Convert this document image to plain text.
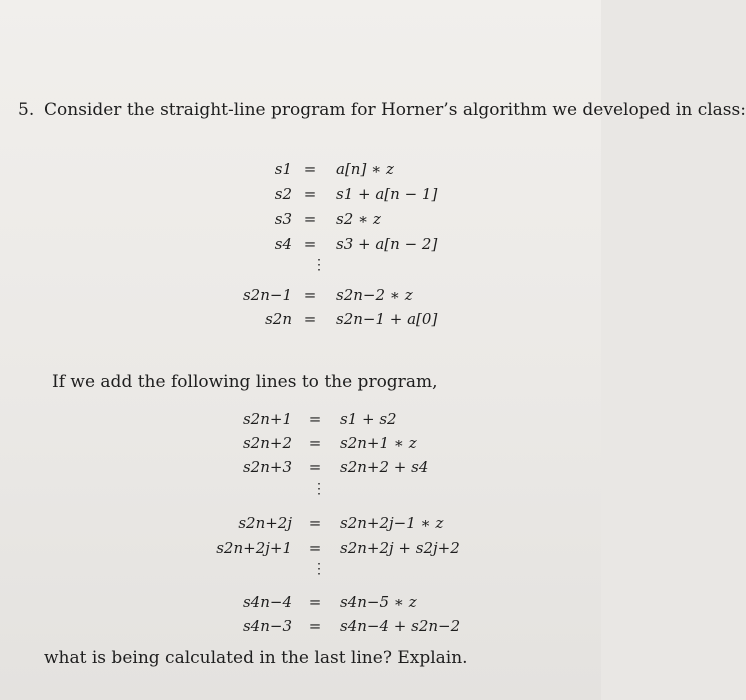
5. Consider the straight-line program for Horner’s algorithm we developed in class:
s1 = a[n] ∗ z
s2 = s1 + a[n − 1]
s3 = s2 ∗ z
s4 = s3 + a[n − 2]
⋮
s2n−1 = s2n−2 ∗ z
s2n = s2n−1 + a[0]
If we add the following lines to the program,
s2n+1 = s1 + s2
s2n+2 = s2n+1 ∗ z
s2n+3 = s2n+2 + s4
⋮
s2n+2j = s2n+2j−1 ∗ z
s2n+2j+1 = s2n+2j + s2j+2
⋮
s4n−4 = s4n−5 ∗ z
s4n−3 = s4n−4 + s2n−2
what is being calculated in the last line? Explain.
